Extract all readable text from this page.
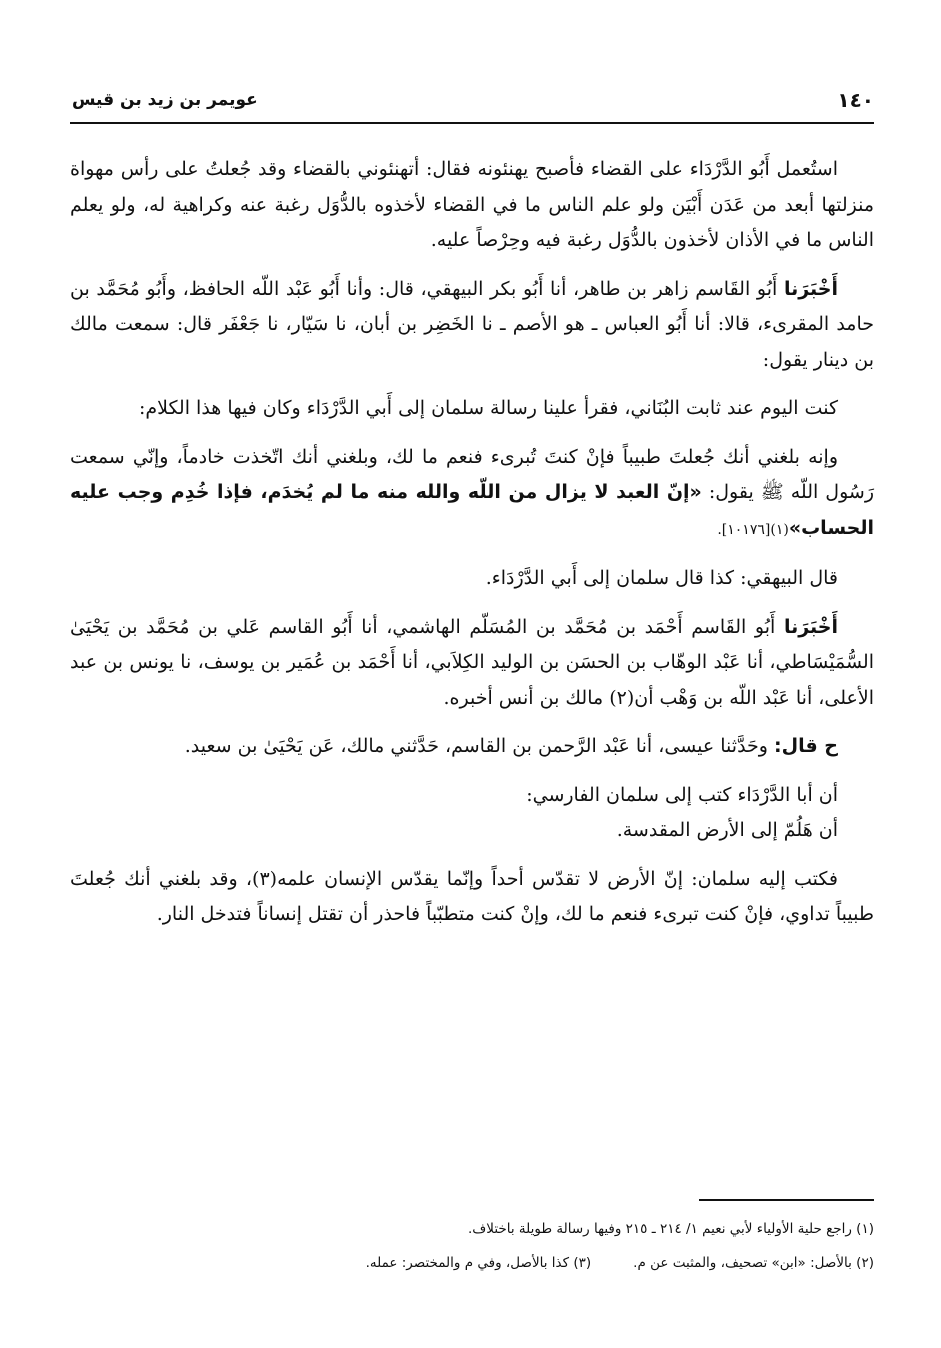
١٤٠
عويمر بن زيد بن قيس

استُعمل أَبُو الدَّرْدَاء على القضاء فأصبح يهنئونه فقال: أتهنئوني بالقضاء وقد جُعلتُ على رأس مهواة منزلتها أبعد من عَدَن أَبْيَن ولو علم الناس ما في القضاء لأخذوه بالدُّوَل رغبة عنه وكراهية له، ولو يعلم الناس ما في الأذان لأخذون بالدُّوَل رغبة فيه وحِرْصاً عليه.

أَخْبَرَنا أَبُو القَاسم زاهر بن طاهر، أنا أَبُو بكر البيهقي، قال: وأنا أَبُو عَبْد اللّه الحافظ، وأَبُو مُحَمَّد بن حامد المقرىء، قالا: أنا أَبُو العباس ـ هو الأصم ـ نا الخَضِر بن أبان، نا سَيّار، نا جَعْفَر قال: سمعت مالك بن دينار يقول:

كنت اليوم عند ثابت البُنَاني، فقرأ علينا رسالة سلمان إلى أَبي الدَّرْدَاء وكان فيها هذا الكلام:

وإنه بلغني أنك جُعلتَ طبيباً فإنْ كنتَ تُبرىء فنعم ما لك، وبلغني أنك اتّخذت خادماً، وإنّي سمعت رَسُول اللّه ﷺ يقول: «إنّ العبد لا يزال من اللّه والله منه ما لم يُخدَم، فإذا خُدِم وجب عليه الحساب»(١)[١٠١٧٦].

قال البيهقي: كذا قال سلمان إلى أَبي الدَّرْدَاء.

أَخْبَرَنا أَبُو القَاسم أَحْمَد بن مُحَمَّد بن المُسَلّم الهاشمي، أنا أَبُو القاسم عَلي بن مُحَمَّد بن يَحْيَىٰ السُّمَيْسَاطي، أنا عَبْد الوهّاب بن الحسَن بن الوليد الكِلاَبي، أنا أَحْمَد بن عُمَير بن يوسف، نا يونس بن عبد الأعلى، أنا عَبْد اللّه بن وَهْب أن(٢) مالك بن أنس أخبره.

ح قال: وحَدَّثنا عيسى، أنا عَبْد الرَّحمن بن القاسم، حَدَّثني مالك، عَن يَحْيَىٰ بن سعيد.

أن أبا الدَّرْدَاء كتب إلى سلمان الفارسي:

أن هَلُمّ إلى الأرض المقدسة.

فكتب إليه سلمان: إنّ الأرض لا تقدّس أحداً وإنّما يقدّس الإنسان علمه(٣)، وقد بلغني أنك جُعلتَ طبيباً تداوي، فإنْ كنت تبرىء فنعم ما لك، وإنْ كنت متطبّباً فاحذر أن تقتل إنساناً فتدخل النار.

(١) راجع حلية الأولياء لأبي نعيم ١/ ٢١٤ ـ ٢١٥ وفيها رسالة طويلة باختلاف.
(٢) بالأصل: «ابن» تصحيف، والمثبت عن م.
(٣) كذا بالأصل، وفي م والمختصر: عمله.
